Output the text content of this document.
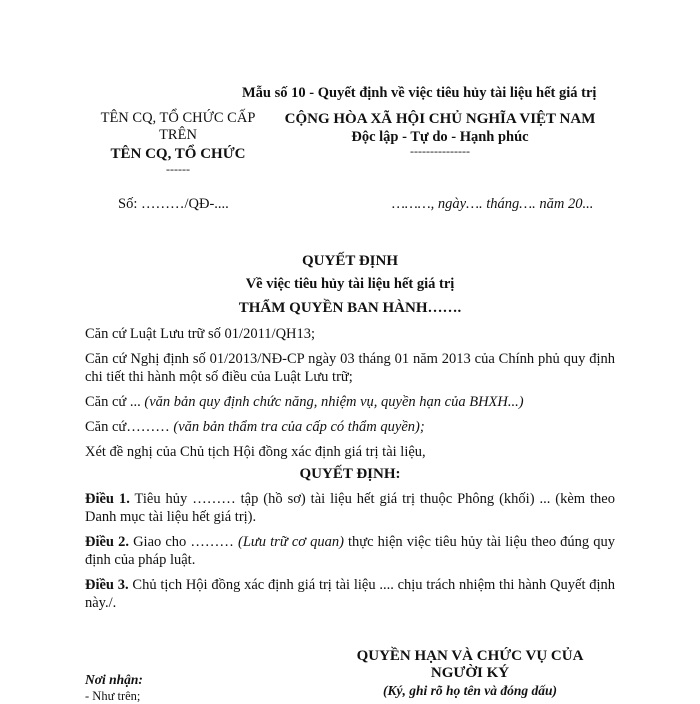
Mẫu số 10 - Quyết định về việc tiêu hủy tài liệu hết giá trị
TÊN CQ, TỔ CHỨC CẤP TRÊN
TÊN CQ, TỔ CHỨC
------
CỘNG HÒA XÃ HỘI CHỦ NGHĨA VIỆT NAM
Độc lập - Tự do - Hạnh phúc
---------------
Số: ………/QĐ-....	………, ngày…. tháng…. năm 20...
QUYẾT ĐỊNH
Về việc tiêu hủy tài liệu hết giá trị
THẨM QUYỀN BAN HÀNH…….
Căn cứ Luật Lưu trữ số 01/2011/QH13;
Căn cứ Nghị định số 01/2013/NĐ-CP ngày 03 tháng 01 năm 2013 của Chính phủ quy định chi tiết thi hành một số điều của Luật Lưu trữ;
Căn cứ ... (văn bản quy định chức năng, nhiệm vụ, quyền hạn của BHXH...)
Căn cứ……… (văn bản thẩm tra của cấp có thẩm quyền);
Xét đề nghị của Chủ tịch Hội đồng xác định giá trị tài liệu,
QUYẾT ĐỊNH:
Điều 1. Tiêu hủy ……… tập (hồ sơ) tài liệu hết giá trị thuộc Phông (khối) ... (kèm theo Danh mục tài liệu hết giá trị).
Điều 2. Giao cho ……… (Lưu trữ cơ quan) thực hiện việc tiêu hủy tài liệu theo đúng quy định của pháp luật.
Điều 3. Chủ tịch Hội đồng xác định giá trị tài liệu .... chịu trách nhiệm thi hành Quyết định này./.
QUYỀN HẠN VÀ CHỨC VỤ CỦA NGƯỜI KÝ
(Ký, ghi rõ họ tên và đóng dấu)
Nơi nhận:
- Như trên;
